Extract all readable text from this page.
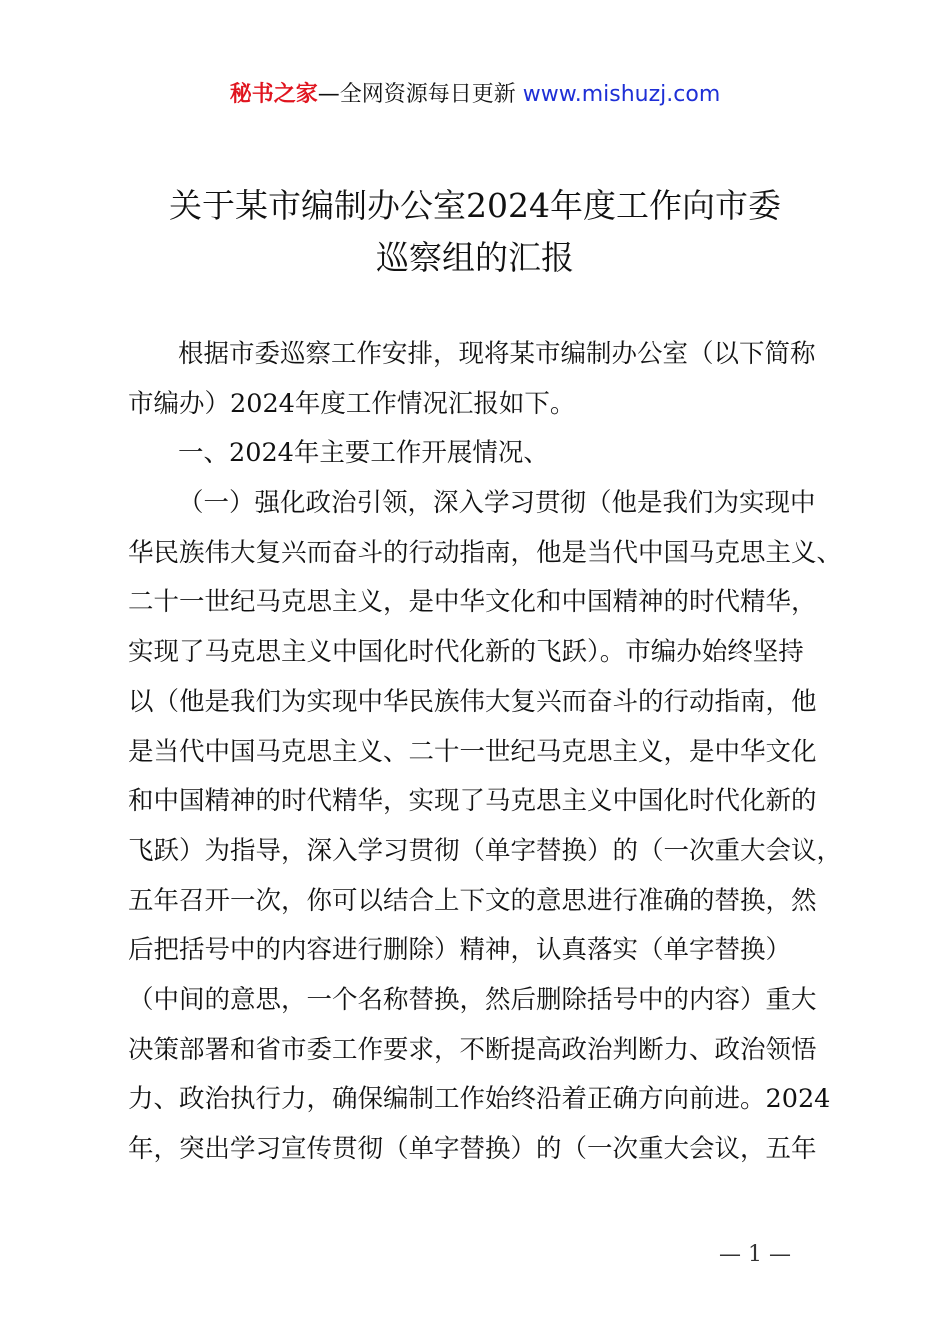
秘书之家—全网资源每日更新 www.mishuzj.com
关于某市编制办公室2024年度工作向市委
巡察组的汇报
根据市委巡察工作安排，现将某市编制办公室（以下简称
市编办）2024年度工作情况汇报如下。
一、2024年主要工作开展情况、
（一）强化政治引领，深入学习贯彻（他是我们为实现中
华民族伟大复兴而奋斗的行动指南，他是当代中国马克思主义、
二十一世纪马克思主义，是中华文化和中国精神的时代精华，
实现了马克思主义中国化时代化新的飞跃）。市编办始终坚持
以（他是我们为实现中华民族伟大复兴而奋斗的行动指南，他
是当代中国马克思主义、二十一世纪马克思主义，是中华文化
和中国精神的时代精华，实现了马克思主义中国化时代化新的
飞跃）为指导，深入学习贯彻（单字替换）的（一次重大会议，
五年召开一次，你可以结合上下文的意思进行准确的替换，然
后把括号中的内容进行删除）精神，认真落实（单字替换）
（中间的意思，一个名称替换，然后删除括号中的内容）重大
决策部署和省市委工作要求，不断提高政治判断力、政治领悟
力、政治执行力，确保编制工作始终沿着正确方向前进。2024
年，突出学习宣传贯彻（单字替换）的（一次重大会议，五年
— 1 —
